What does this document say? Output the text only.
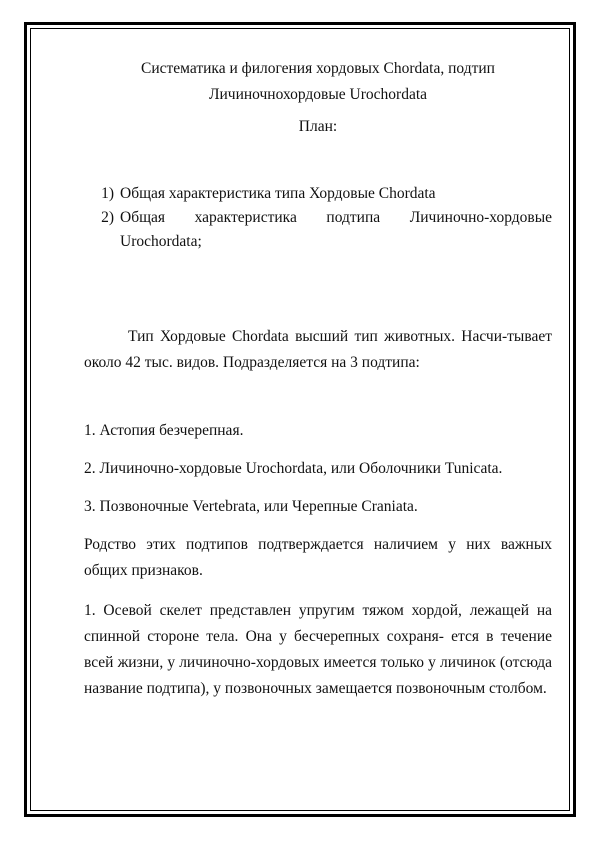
Систематика и филогения хордовых Chordata, подтип
Личиночнохордовые Urochordata
План:
1) Общая характеристика типа Хордовые Chordata
2) Общая характеристика подтипа Личиночно-хордовые Urochordata;

Тип Хордовые Chordata высший тип животных. Насчи-тывает около 42 тыс. видов. Подразделяется на 3 подтипа:

1. Астопия безчерепная.

2. Личиночно-хордовые Urochordata, или Оболочники Tunicata.

3. Позвоночные Vertebrata, или Черепные Craniata.

Родство этих подтипов подтверждается наличием у них важных общих признаков.

1. Осевой скелет представлен упругим тяжом хордой, лежащей на спинной стороне тела. Она у бесчерепных сохраня- ется в течение всей жизни, у личиночно-хордовых имеется только у личинок (отсюда название подтипа), у позвоночных замещается позвоночным столбом.
